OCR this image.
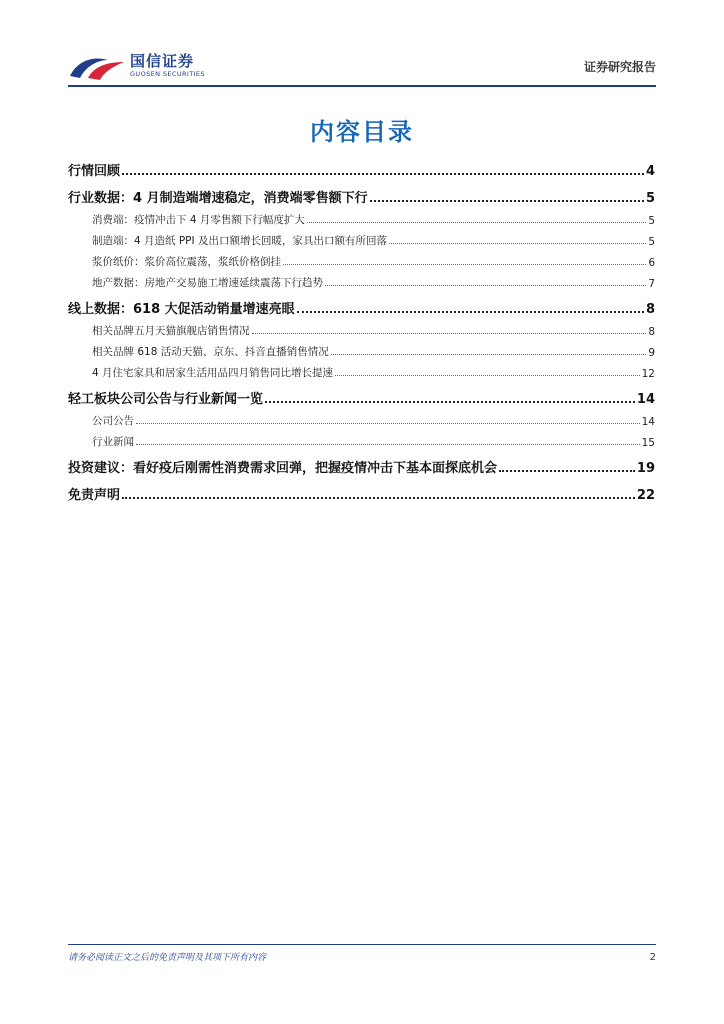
国信证券
GUOSEN SECURITIES	证券研究报告
内容目录
行情回顾	4
行业数据：4 月制造端增速稳定，消费端零售额下行	5
消费端：疫情冲击下 4 月零售额下行幅度扩大	5
制造端：4 月造纸 PPI 及出口额增长回暖，家具出口额有所回落	5
浆价纸价：浆价高位震荡，浆纸价格倒挂	6
地产数据：房地产交易施工增速延续震荡下行趋势	7
线上数据：618 大促活动销量增速亮眼	8
相关品牌五月天猫旗舰店销售情况	8
相关品牌 618 活动天猫、京东、抖音直播销售情况	9
4 月住宅家具和居家生活用品四月销售同比增长提速	12
轻工板块公司公告与行业新闻一览	14
公司公告	14
行业新闻	15
投资建议：看好疫后刚需性消费需求回弹，把握疫情冲击下基本面探底机会	19
免责声明	22
请务必阅读正文之后的免责声明及其项下所有内容	2
